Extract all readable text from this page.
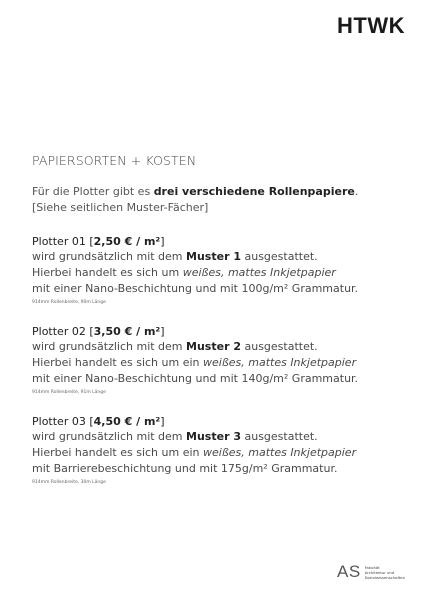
HTWK
PAPIERSORTEN + KOSTEN
Für die Plotter gibt es drei verschiedene Rollenpapiere.
[Siehe seitlichen Muster-Fächer]
Plotter 01 [2,50 € / m²]
wird grundsätzlich mit dem Muster 1 ausgestattet.
Hierbei handelt es sich um weißes, mattes Inkjetpapier
mit einer Nano-Beschichtung und mit 100g/m² Grammatur.
914mm Rollenbreite, 90m Länge
Plotter 02 [3,50 € / m²]
wird grundsätzlich mit dem Muster 2 ausgestattet.
Hierbei handelt es sich um ein weißes, mattes Inkjetpapier
mit einer Nano-Beschichtung und mit 140g/m² Grammatur.
914mm Rollenbreite, 91m Länge
Plotter 03 [4,50 € / m²]
wird grundsätzlich mit dem Muster 3 ausgestattet.
Hierbei handelt es sich um ein weißes, mattes Inkjetpapier
mit Barrierebeschichtung und mit 175g/m² Grammatur.
914mm Rollenbreite, 30m Länge
AS Fakultät
Architektur und
Sozialwissenschaften
